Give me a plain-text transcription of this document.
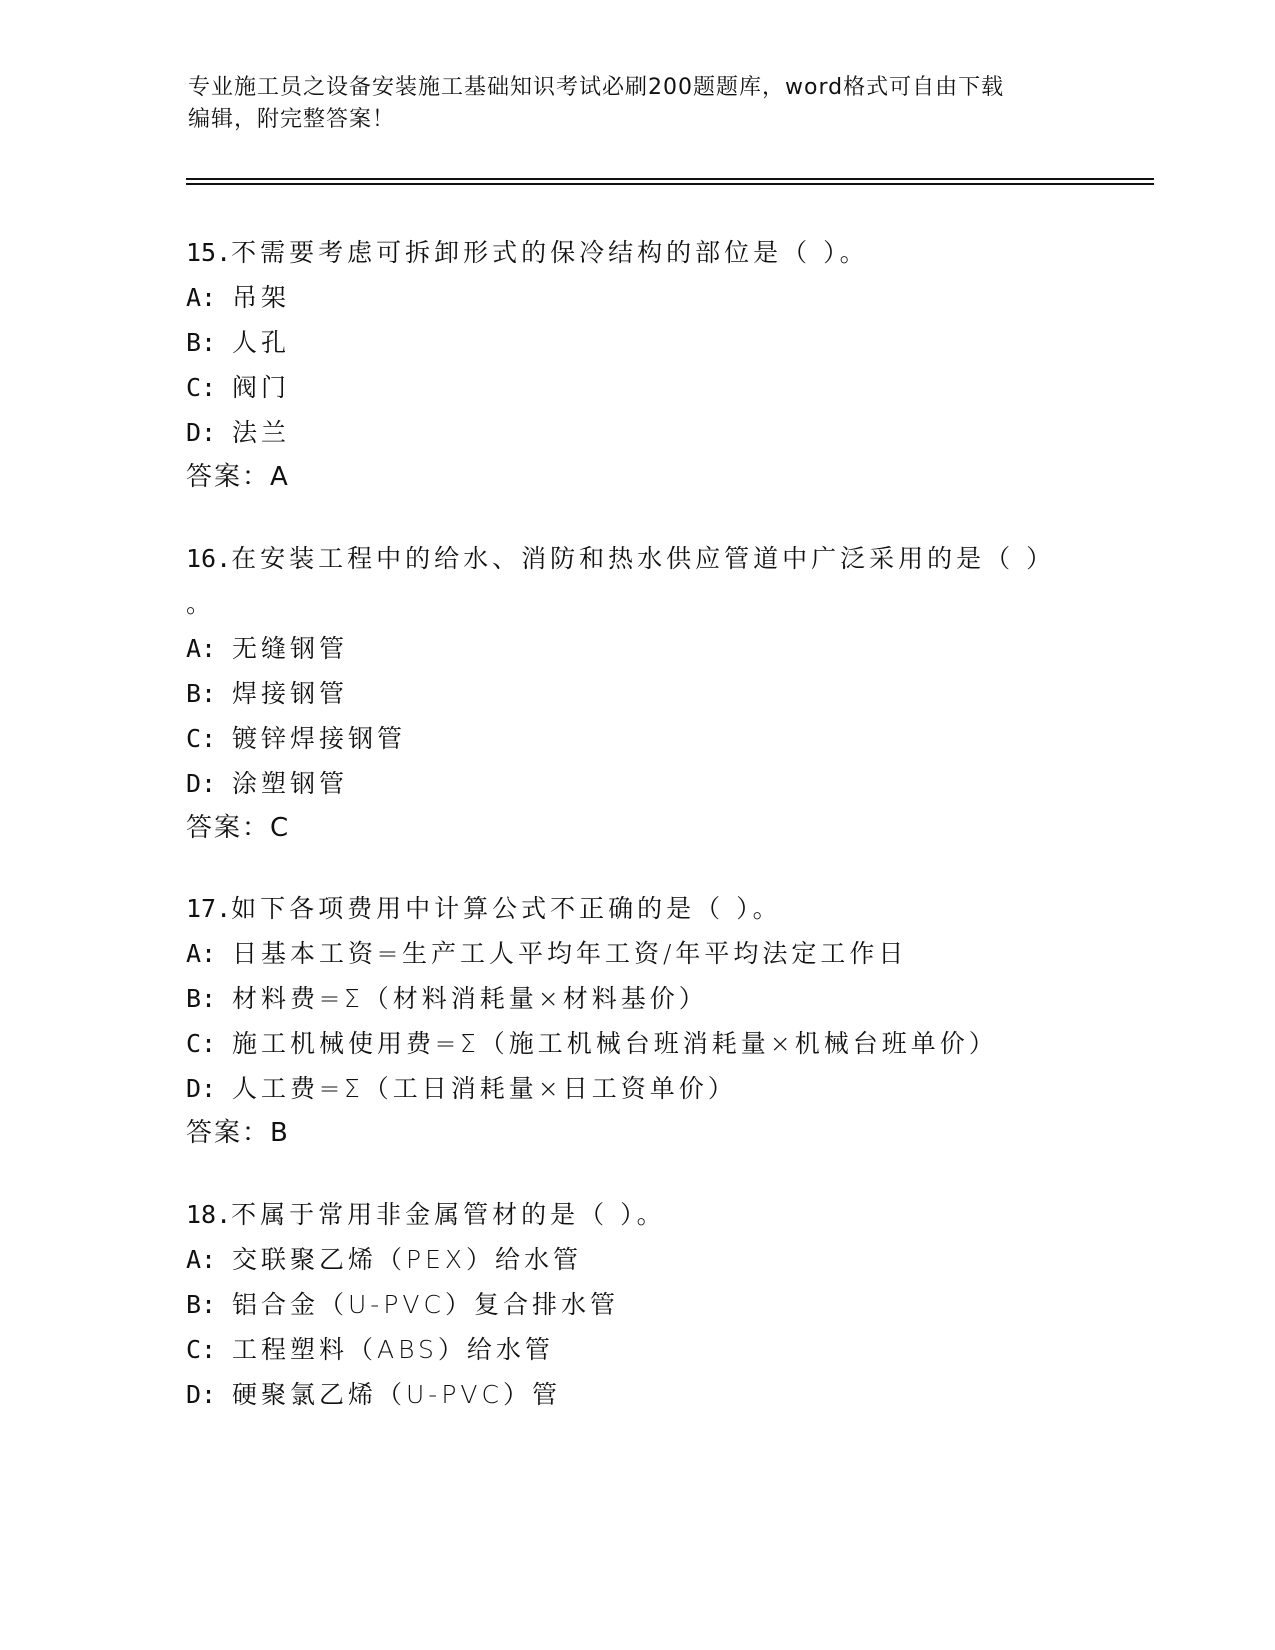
专业施工员之设备安装施工基础知识考试必刷200题题库，word格式可自由下载
编辑，附完整答案！
15.不需要考虑可拆卸形式的保冷结构的部位是（ ）。
A: 吊架
B: 人孔
C: 阀门
D: 法兰
答案：A
16.在安装工程中的给水、消防和热水供应管道中广泛采用的是（ ）
。
A: 无缝钢管
B: 焊接钢管
C: 镀锌焊接钢管
D: 涂塑钢管
答案：C
17.如下各项费用中计算公式不正确的是（ ）。
A: 日基本工资=生产工人平均年工资/年平均法定工作日
B: 材料费=Σ（材料消耗量×材料基价）
C: 施工机械使用费=Σ（施工机械台班消耗量×机械台班单价）
D: 人工费=Σ（工日消耗量×日工资单价）
答案：B
18.不属于常用非金属管材的是（ ）。
A: 交联聚乙烯（PEX）给水管
B: 铝合金（U-PVC）复合排水管
C: 工程塑料（ABS）给水管
D: 硬聚氯乙烯（U-PVC）管
